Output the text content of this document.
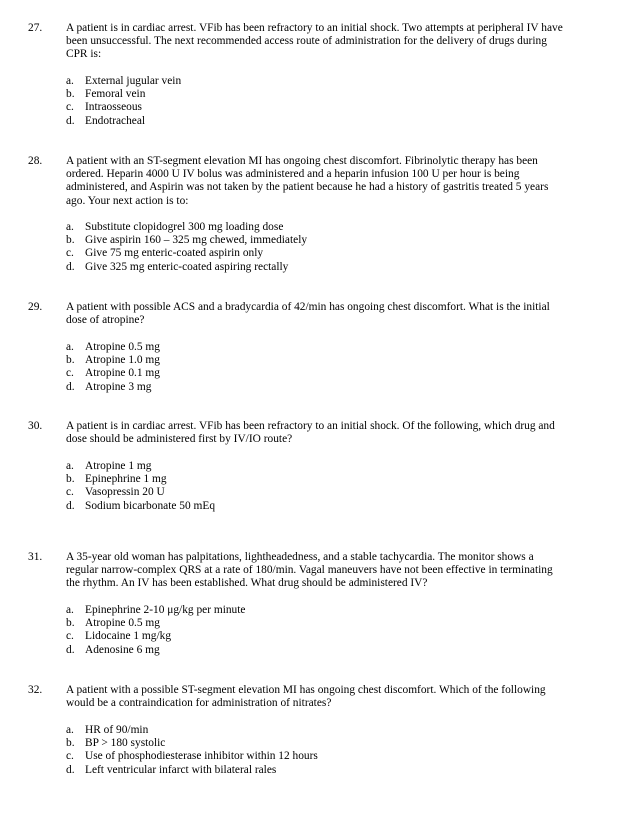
27. A patient is in cardiac arrest. VFib has been refractory to an initial shock. Two attempts at peripheral IV have been unsuccessful. The next recommended access route of administration for the delivery of drugs during CPR is:
a. External jugular vein
b. Femoral vein
c. Intraosseous
d. Endotracheal
28. A patient with an ST-segment elevation MI has ongoing chest discomfort. Fibrinolytic therapy has been ordered. Heparin 4000 U IV bolus was administered and a heparin infusion 100 U per hour is being administered, and Aspirin was not taken by the patient because he had a history of gastritis treated 5 years ago. Your next action is to:
a. Substitute clopidogrel 300 mg loading dose
b. Give aspirin 160 – 325 mg chewed, immediately
c. Give 75 mg enteric-coated aspirin only
d. Give 325 mg enteric-coated aspiring rectally
29. A patient with possible ACS and a bradycardia of 42/min has ongoing chest discomfort. What is the initial dose of atropine?
a. Atropine 0.5 mg
b. Atropine 1.0 mg
c. Atropine 0.1 mg
d. Atropine 3 mg
30. A patient is in cardiac arrest. VFib has been refractory to an initial shock. Of the following, which drug and dose should be administered first by IV/IO route?
a. Atropine 1 mg
b. Epinephrine 1 mg
c. Vasopressin 20 U
d. Sodium bicarbonate 50 mEq
31. A 35-year old woman has palpitations, lightheadedness, and a stable tachycardia. The monitor shows a regular narrow-complex QRS at a rate of 180/min. Vagal maneuvers have not been effective in terminating the rhythm. An IV has been established. What drug should be administered IV?
a. Epinephrine 2-10 μg/kg per minute
b. Atropine 0.5 mg
c. Lidocaine 1 mg/kg
d. Adenosine 6 mg
32. A patient with a possible ST-segment elevation MI has ongoing chest discomfort. Which of the following would be a contraindication for administration of nitrates?
a. HR of 90/min
b. BP > 180 systolic
c. Use of phosphodiesterase inhibitor within 12 hours
d. Left ventricular infarct with bilateral rales
